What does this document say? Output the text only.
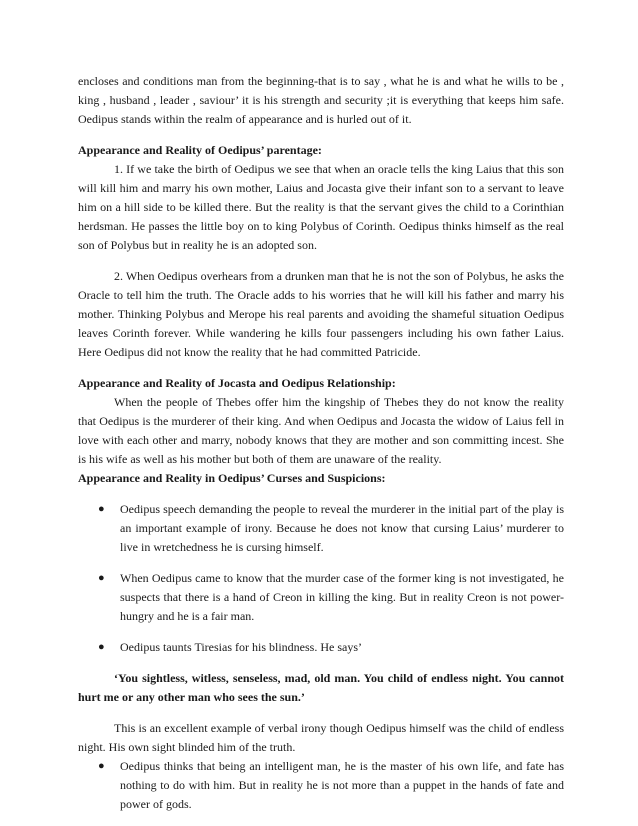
encloses and conditions man from the beginning-that is to say , what he is and what he wills to be , king , husband , leader , saviour’ it is his strength and security ;it is everything that keeps him safe. Oedipus stands within the realm of appearance and is hurled out of it.

Appearance and Reality of Oedipus’ parentage:

1. If we take the birth of Oedipus we see that when an oracle tells the king Laius that this son will kill him and marry his own mother, Laius and Jocasta give their infant son to a servant to leave him on a hill side to be killed there. But the reality is that the servant gives the child to a Corinthian herdsman. He passes the little boy on to king Polybus of Corinth. Oedipus thinks himself as the real son of Polybus but in reality he is an adopted son.

2. When Oedipus overhears from a drunken man that he is not the son of Polybus, he asks the Oracle to tell him the truth. The Oracle adds to his worries that he will kill his father and marry his mother. Thinking Polybus and Merope his real parents and avoiding the shameful situation Oedipus leaves Corinth forever. While wandering he kills four passengers including his own father Laius. Here Oedipus did not know the reality that he had committed Patricide.

Appearance and Reality of Jocasta and Oedipus Relationship:

When the people of Thebes offer him the kingship of Thebes they do not know the reality that Oedipus is the murderer of their king. And when Oedipus and Jocasta the widow of Laius fell in love with each other and marry, nobody knows that they are mother and son committing incest. She is his wife as well as his mother but both of them are unaware of the reality.

Appearance and Reality in Oedipus’ Curses and Suspicions:

● Oedipus speech demanding the people to reveal the murderer in the initial part of the play is an important example of irony. Because he does not know that cursing Laius’ murderer to live in wretchedness he is cursing himself.
● When Oedipus came to know that the murder case of the former king is not investigated, he suspects that there is a hand of Creon in killing the king. But in reality Creon is not power-hungry and he is a fair man.
● Oedipus taunts Tiresias for his blindness. He says’

‘You sightless, witless, senseless, mad, old man. You child of endless night. You cannot hurt me or any other man who sees the sun.’

This is an excellent example of verbal irony though Oedipus himself was the child of endless night. His own sight blinded him of the truth.

● Oedipus thinks that being an intelligent man, he is the master of his own life, and fate has nothing to do with him. But in reality he is not more than a puppet in the hands of fate and power of gods.
